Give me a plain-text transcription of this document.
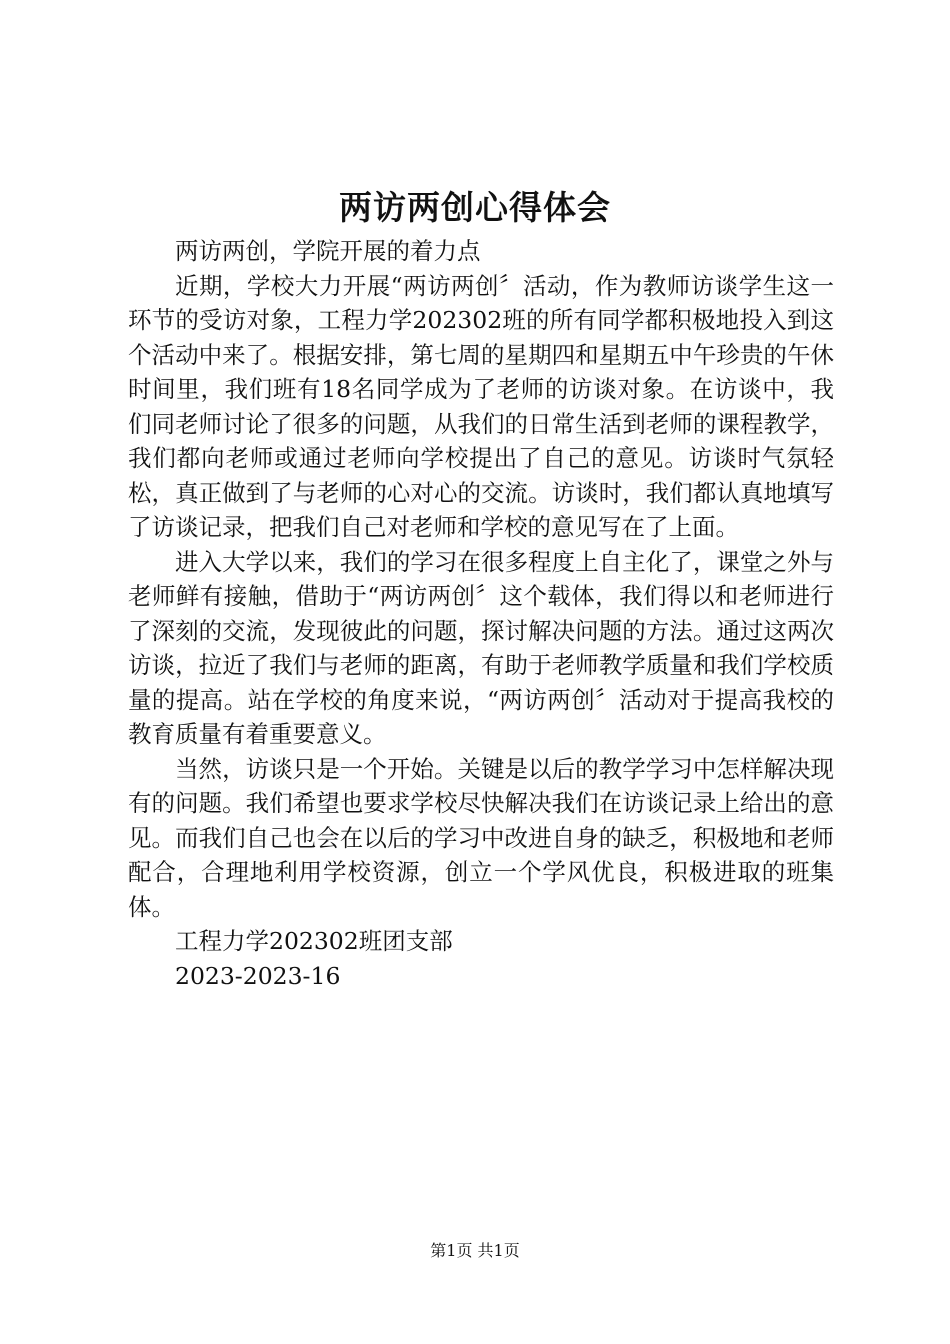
两访两创心得体会

两访两创，学院开展的着力点

近期，学校大力开展“两访两创〞活动，作为教师访谈学生这一环节的受访对象，工程力学202302班的所有同学都积极地投入到这个活动中来了。根据安排，第七周的星期四和星期五中午珍贵的午休时间里，我们班有18名同学成为了老师的访谈对象。在访谈中，我们同老师讨论了很多的问题，从我们的日常生活到老师的课程教学，我们都向老师或通过老师向学校提出了自己的意见。访谈时气氛轻松，真正做到了与老师的心对心的交流。访谈时，我们都认真地填写了访谈记录，把我们自己对老师和学校的意见写在了上面。

进入大学以来，我们的学习在很多程度上自主化了，课堂之外与老师鲜有接触，借助于“两访两创〞这个载体，我们得以和老师进行了深刻的交流，发现彼此的问题，探讨解决问题的方法。通过这两次访谈，拉近了我们与老师的距离，有助于老师教学质量和我们学校质量的提高。站在学校的角度来说，“两访两创〞活动对于提高我校的教育质量有着重要意义。

当然，访谈只是一个开始。关键是以后的教学学习中怎样解决现有的问题。我们希望也要求学校尽快解决我们在访谈记录上给出的意见。而我们自己也会在以后的学习中改进自身的缺乏，积极地和老师配合，合理地利用学校资源，创立一个学风优良，积极进取的班集体。

工程力学202302班团支部

2023-2023-16

第1页 共1页
